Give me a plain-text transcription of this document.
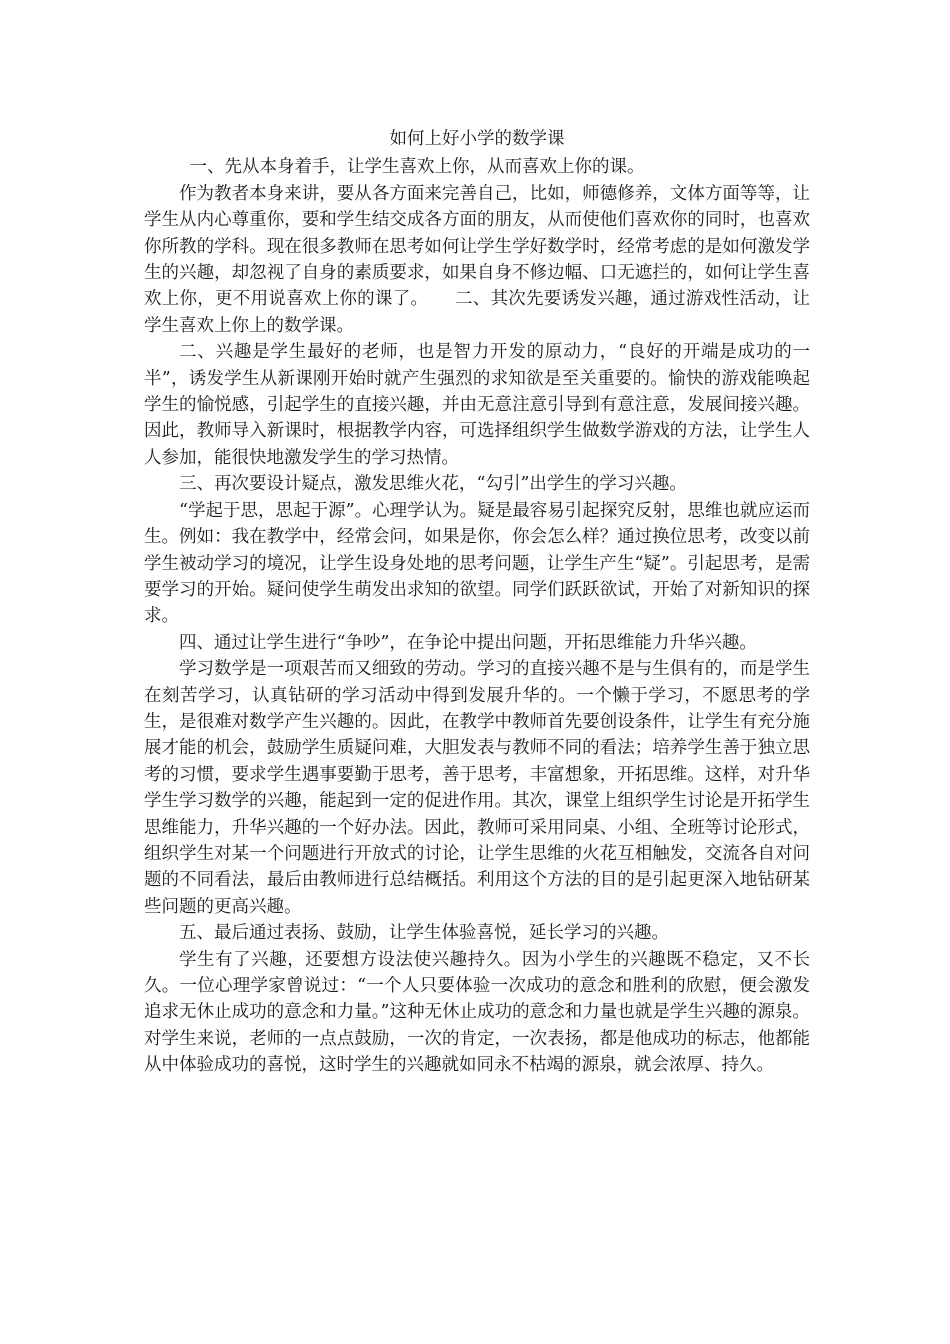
如何上好小学的数学课

一、先从本身着手，让学生喜欢上你，从而喜欢上你的课。

作为教者本身来讲，要从各方面来完善自己，比如，师德修养，文体方面等等，让学生从内心尊重你，要和学生结交成各方面的朋友，从而使他们喜欢你的同时，也喜欢你所教的学科。现在很多教师在思考如何让学生学好数学时，经常考虑的是如何激发学生的兴趣，却忽视了自身的素质要求，如果自身不修边幅、口无遮拦的，如何让学生喜欢上你，更不用说喜欢上你的课了。　　二、其次先要诱发兴趣，通过游戏性活动，让学生喜欢上你上的数学课。

二、兴趣是学生最好的老师，也是智力开发的原动力，“良好的开端是成功的一半”，诱发学生从新课刚开始时就产生强烈的求知欲是至关重要的。愉快的游戏能唤起学生的愉悦感，引起学生的直接兴趣，并由无意注意引导到有意注意，发展间接兴趣。因此，教师导入新课时，根据教学内容，可选择组织学生做数学游戏的方法，让学生人人参加，能很快地激发学生的学习热情。

三、再次要设计疑点，激发思维火花，“勾引”出学生的学习兴趣。

“学起于思，思起于源”。心理学认为。疑是最容易引起探究反射，思维也就应运而生。例如：我在教学中，经常会问，如果是你，你会怎么样？通过换位思考，改变以前学生被动学习的境况，让学生设身处地的思考问题，让学生产生“疑”。引起思考，是需要学习的开始。疑问使学生萌发出求知的欲望。同学们跃跃欲试，开始了对新知识的探求。

四、通过让学生进行“争吵”，在争论中提出问题，开拓思维能力升华兴趣。

学习数学是一项艰苦而又细致的劳动。学习的直接兴趣不是与生俱有的，而是学生在刻苦学习，认真钻研的学习活动中得到发展升华的。一个懒于学习，不愿思考的学生，是很难对数学产生兴趣的。因此，在教学中教师首先要创设条件，让学生有充分施展才能的机会，鼓励学生质疑问难，大胆发表与教师不同的看法；培养学生善于独立思考的习惯，要求学生遇事要勤于思考，善于思考，丰富想象，开拓思维。这样，对升华学生学习数学的兴趣，能起到一定的促进作用。其次，课堂上组织学生讨论是开拓学生思维能力，升华兴趣的一个好办法。因此，教师可采用同桌、小组、全班等讨论形式，组织学生对某一个问题进行开放式的讨论，让学生思维的火花互相触发，交流各自对问题的不同看法，最后由教师进行总结概括。利用这个方法的目的是引起更深入地钻研某些问题的更高兴趣。

五、最后通过表扬、鼓励，让学生体验喜悦，延长学习的兴趣。

学生有了兴趣，还要想方设法使兴趣持久。因为小学生的兴趣既不稳定，又不长久。一位心理学家曾说过：“一个人只要体验一次成功的意念和胜利的欣慰，便会激发追求无休止成功的意念和力量。”这种无休止成功的意念和力量也就是学生兴趣的源泉。对学生来说，老师的一点点鼓励，一次的肯定，一次表扬，都是他成功的标志，他都能从中体验成功的喜悦，这时学生的兴趣就如同永不枯竭的源泉，就会浓厚、持久。
